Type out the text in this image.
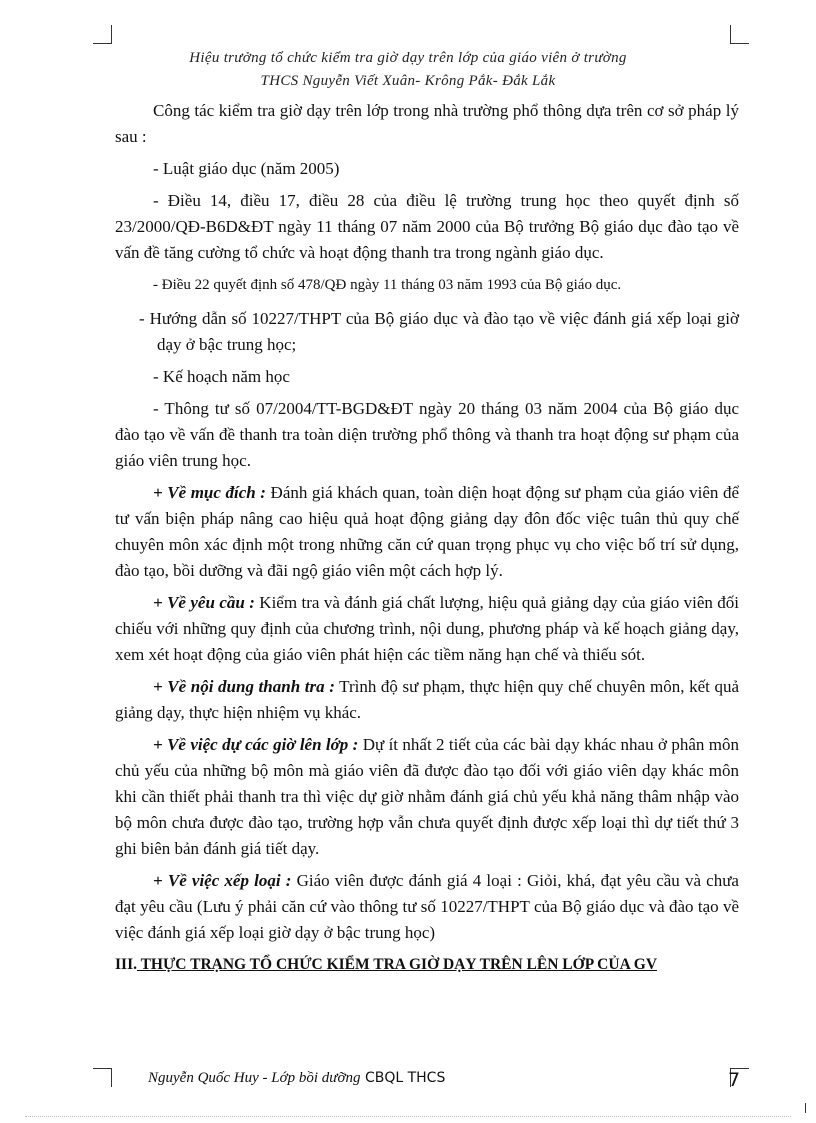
Hiệu trưởng tổ chức kiểm tra giờ dạy trên lớp của giáo viên ở trường
THCS Nguyễn Viết Xuân- Krông Pắk- Đắk Lắk

Công tác kiểm tra giờ dạy trên lớp trong nhà trường phổ thông dựa trên cơ sở pháp lý sau :

- Luật giáo dục (năm 2005)

- Điều 14, điều 17, điều 28 của điều lệ trường trung học theo quyết định số 23/2000/QĐ-B6D&ĐT ngày 11 tháng 07 năm 2000 của Bộ trưởng Bộ giáo dục đào tạo về vấn đề tăng cường tổ chức và hoạt động thanh tra trong ngành giáo dục.

- Điều 22 quyết định số 478/QĐ ngày 11 tháng 03 năm 1993 của Bộ giáo dục.

- Hướng dẫn số 10227/THPT của Bộ giáo dục và đào tạo về việc đánh giá xếp loại giờ dạy ở bậc trung học;

- Kế hoạch năm học

- Thông tư số 07/2004/TT-BGD&ĐT ngày 20 tháng 03 năm 2004 của Bộ giáo dục đào tạo về vấn đề thanh tra toàn diện trường phổ thông và thanh tra hoạt động sư phạm của giáo viên trung học.

+ Về mục đích : Đánh giá khách quan, toàn diện hoạt động sư phạm của giáo viên để tư vấn biện pháp nâng cao hiệu quả hoạt động giảng dạy đôn đốc việc tuân thủ quy chế chuyên môn xác định một trong những căn cứ quan trọng phục vụ cho việc bố trí sử dụng, đào tạo, bồi dưỡng và đãi ngộ giáo viên một cách hợp lý.

+ Về yêu cầu : Kiểm tra và đánh giá chất lượng, hiệu quả giảng dạy của giáo viên đối chiếu với những quy định của chương trình, nội dung, phương pháp và kế hoạch giảng dạy, xem xét hoạt động của giáo viên phát hiện các tiềm năng hạn chế và thiếu sót.

+ Về nội dung thanh tra : Trình độ sư phạm, thực hiện quy chế chuyên môn, kết quả giảng dạy, thực hiện nhiệm vụ khác.

+ Về việc dự các giờ lên lớp : Dự ít nhất 2 tiết của các bài dạy khác nhau ở phân môn chủ yếu của những bộ môn mà giáo viên đã được đào tạo đối với giáo viên dạy khác môn khi cần thiết phải thanh tra thì việc dự giờ nhằm đánh giá chủ yếu khả năng thâm nhập vào bộ môn chưa được đào tạo, trường hợp vẫn chưa quyết định được xếp loại thì dự tiết thứ 3 ghi biên bản đánh giá tiết dạy.

+ Về việc xếp loại : Giáo viên được đánh giá 4 loại : Giỏi, khá, đạt yêu cầu và chưa đạt yêu cầu (Lưu ý phải căn cứ vào thông tư số 10227/THPT của Bộ giáo dục và đào tạo về việc đánh giá xếp loại giờ dạy ở bậc trung học)

III. THỰC TRẠNG TỔ CHỨC KIỂM TRA GIỜ DẠY TRÊN LÊN LỚP CỦA GV

Nguyễn Quốc Huy - Lớp bồi dưỡng CBQL THCS	7
